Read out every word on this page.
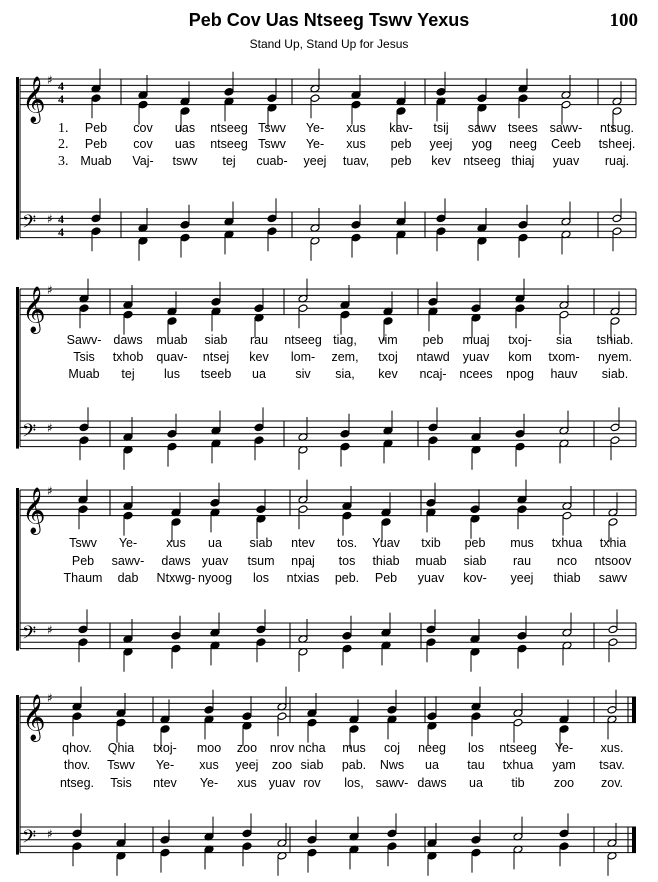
Peb Cov Uas Ntseeg Tswv Yexus	100
Stand Up, Stand Up for Jesus
𝄞
𝄢
♯
♯
4
4
4
4
1. Peb cov uas ntseeg Tswv Ye- xus kav- tsij sawv tsees sawv- ntsug.
2. Peb cov uas ntseeg Tswv Ye- xus peb yeej yog neeg Ceeb tsheej.
3. Muab Vaj- tswv tej cuab- yeej tuav, peb kev ntseeg thiaj yuav ruaj.
𝄞
𝄢
♯
♯
Sawv- daws muab siab rau ntseeg tiag, vim peb muaj txoj- sia tshiab.
Tsis txhob quav- ntsej kev lom- zem, txoj ntawd yuav kom txom- nyem.
Muab tej lus tseeb ua siv sia, kev ncaj- ncees npog hauv siab.
𝄞
𝄢
♯
♯
Tswv Ye- xus ua siab ntev tos. Yuav txib peb mus txhua txhia
Peb sawv- daws yuav tsum npaj tos thiab muab siab rau nco ntsoov
Thaum dab Ntxwg- nyoog los ntxias peb. Peb yuav kov- yeej thiab sawv
𝄞
𝄢
♯
♯
qhov. Qhia txoj- moo zoo nrov ncha mus coj neeg los ntseeg Ye- xus.
thov. Tswv Ye- xus yeej zoo siab pab. Nws ua tau txhua yam tsav.
ntseg. Tsis ntev Ye- xus yuav rov los, sawv- daws ua tib zoo zov.
